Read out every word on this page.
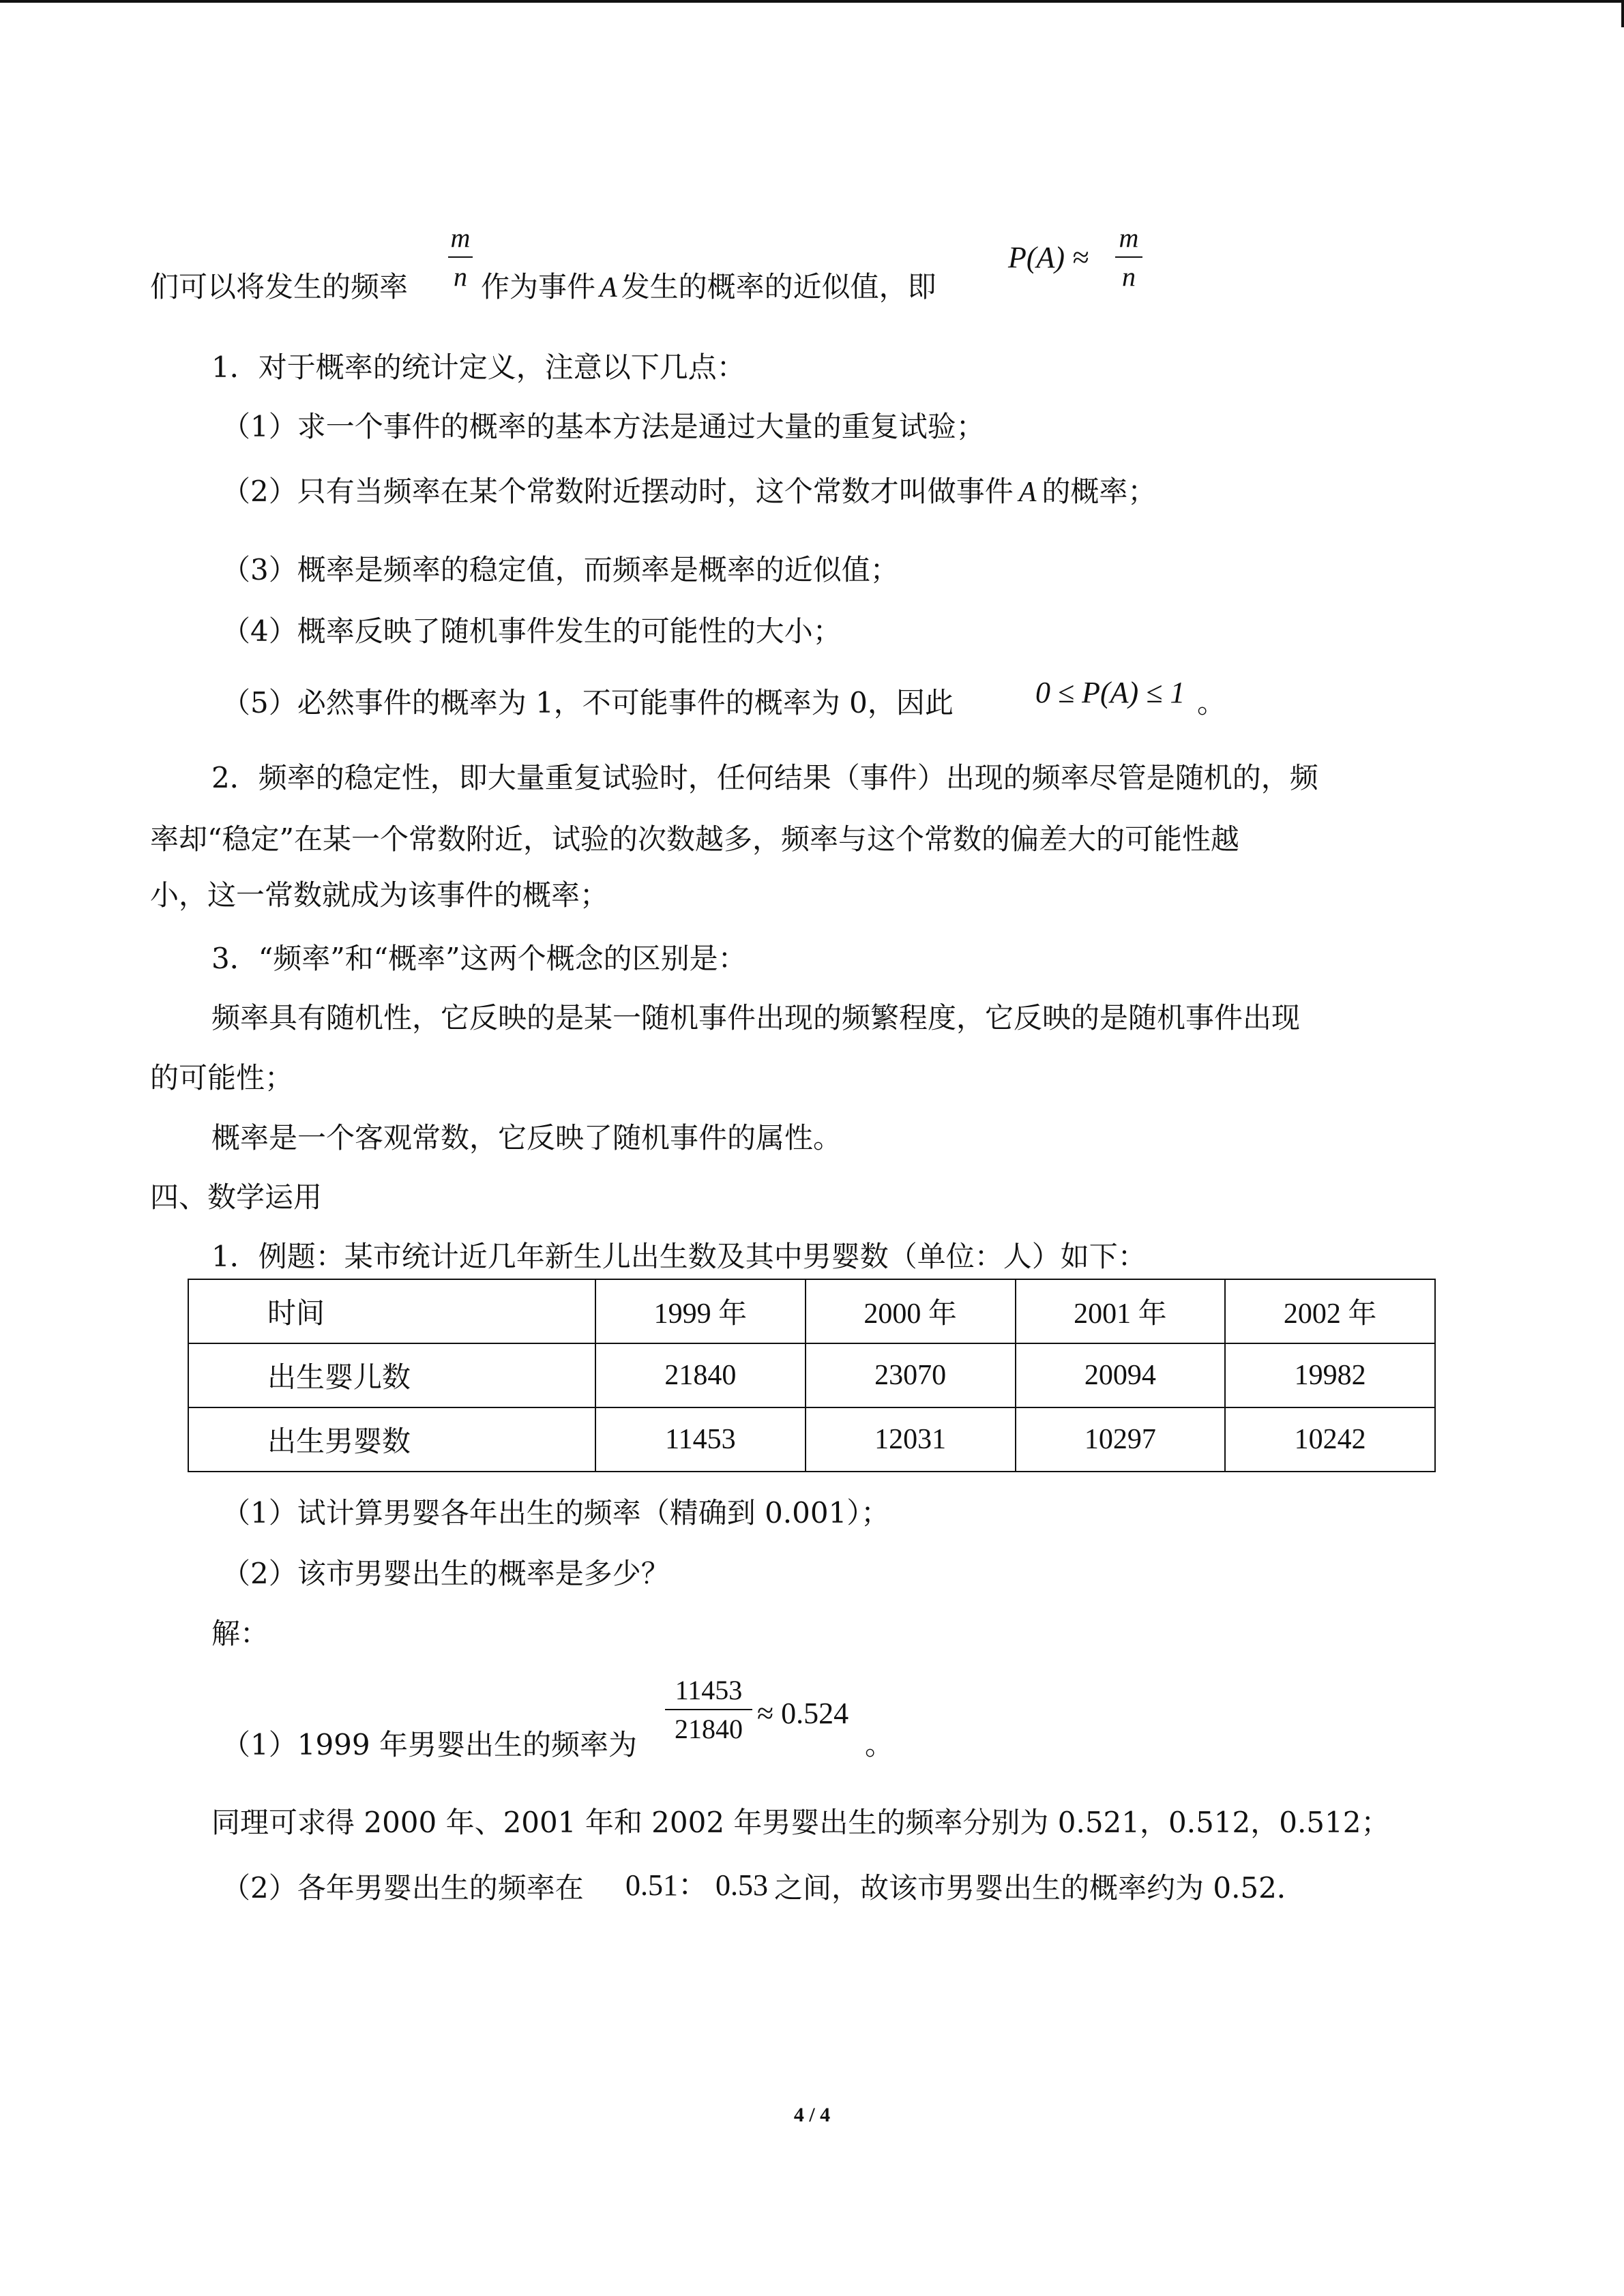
们可以将发生的频率
m
n 作为事件 A 发生的概率的近似值，即
P(A) ≈
m
n
1．对于概率的统计定义，注意以下几点：
（1）求一个事件的概率的基本方法是通过大量的重复试验；
（2）只有当频率在某个常数附近摆动时，这个常数才叫做事件 A 的概率；
（3）概率是频率的稳定值，而频率是概率的近似值；
（4）概率反映了随机事件发生的可能性的大小；
（5）必然事件的概率为 1，不可能事件的概率为 0，因此	0 ≤ P(A) ≤ 1 。
2．频率的稳定性，即大量重复试验时，任何结果（事件）出现的频率尽管是随机的，频
率却“稳定”在某一个常数附近，试验的次数越多，频率与这个常数的偏差大的可能性越
小，这一常数就成为该事件的概率；
3．“频率”和“概率”这两个概念的区别是：
频率具有随机性，它反映的是某一随机事件出现的频繁程度，它反映的是随机事件出现
的可能性；
概率是一个客观常数，它反映了随机事件的属性。
四、数学运用
1．例题：某市统计近几年新生儿出生数及其中男婴数（单位：人）如下：
时间	1999 年	2000 年	2001 年	2002 年
出生婴儿数	21840	23070	20094	19982
出生男婴数	11453	12031	10297	10242
（1）试计算男婴各年出生的频率（精确到 0.001）；
（2）该市男婴出生的概率是多少？
解：
（1）1999 年男婴出生的频率为
11453
21840 ≈ 0.524
。
同理可求得 2000 年、2001 年和 2002 年男婴出生的频率分别为 0.521，0.512，0.512；
（2）各年男婴出生的频率在 0.51： 0.53 之间，故该市男婴出生的概率约为 0.52．
4 / 4
